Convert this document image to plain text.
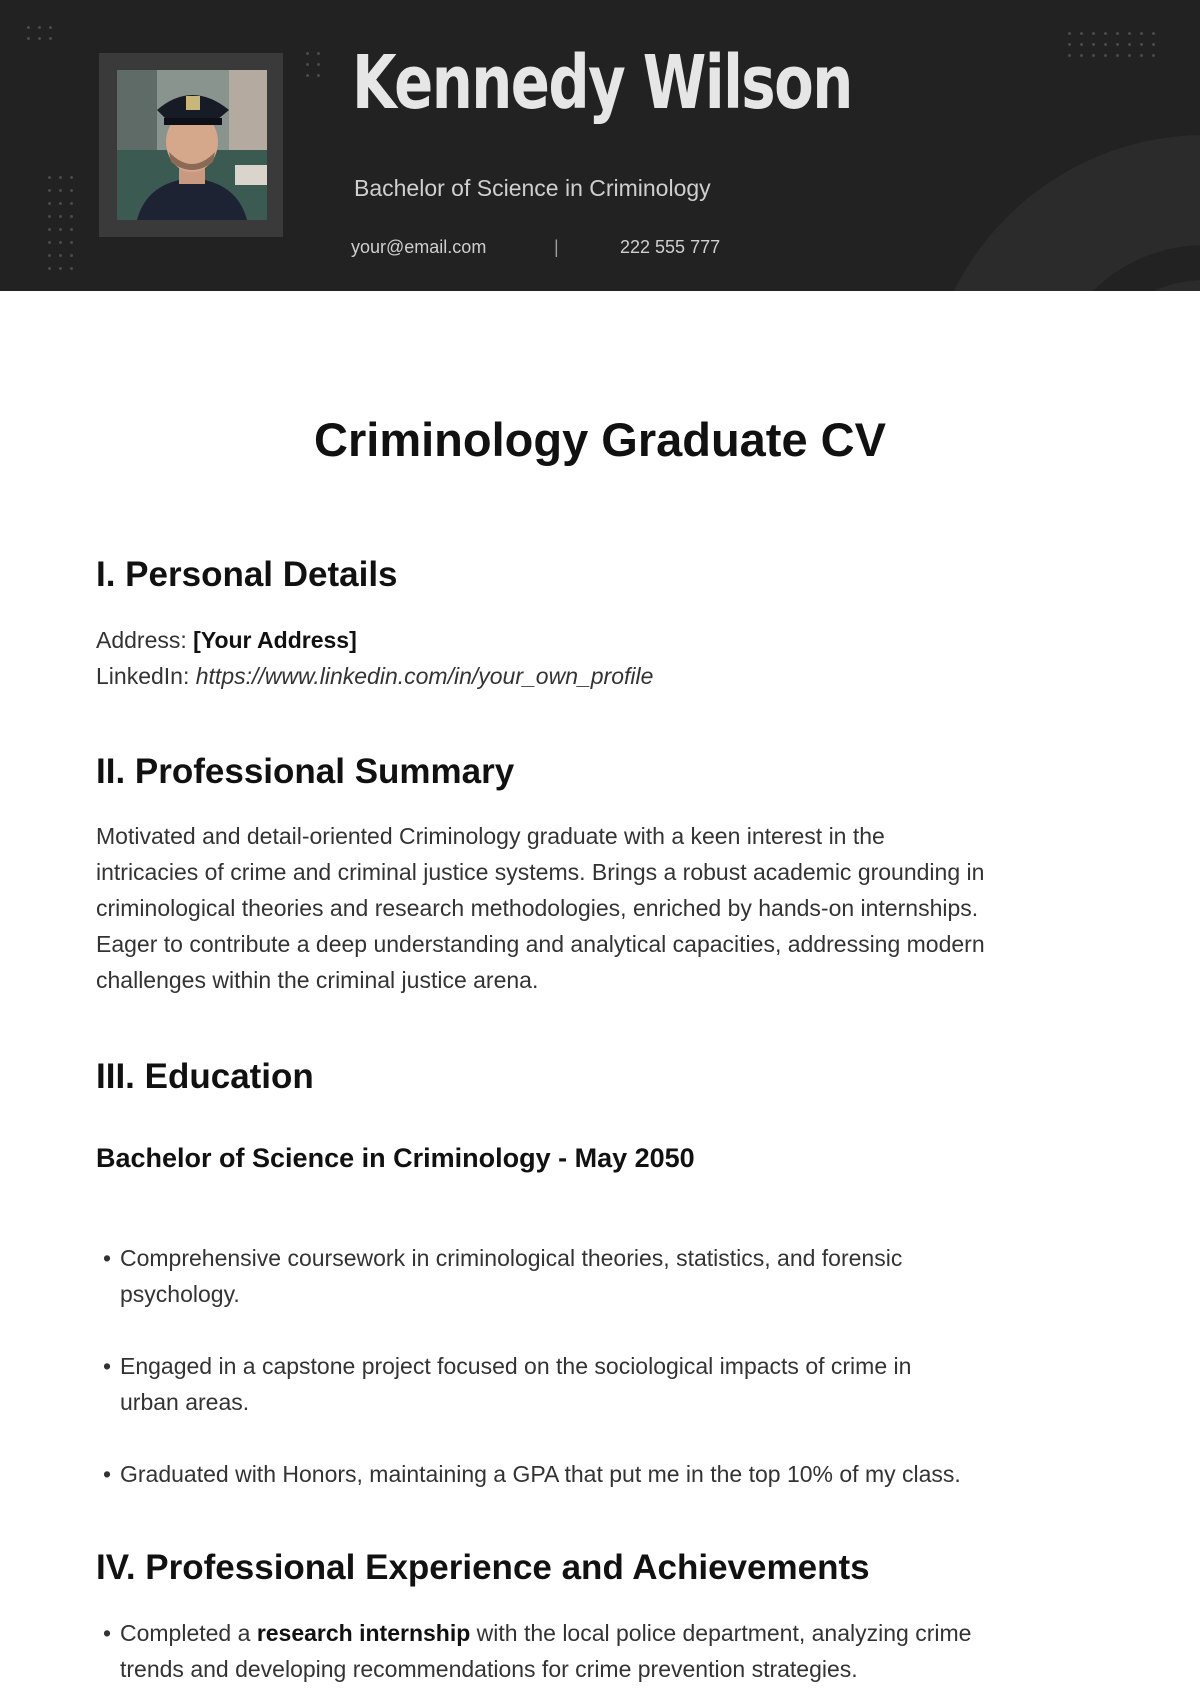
Kennedy Wilson
Bachelor of Science in Criminology
your@email.com	|	222 555 777
Criminology Graduate CV
I. Personal Details

Address: [Your Address]

LinkedIn: https://www.linkedin.com/in/your_own_profile

II. Professional Summary

Motivated and detail-oriented Criminology graduate with a keen interest in the

intricacies of crime and criminal justice systems. Brings a robust academic grounding in

criminological theories and research methodologies, enriched by hands-on internships.

Eager to contribute a deep understanding and analytical capacities, addressing modern

challenges within the criminal justice arena.

III. Education
Bachelor of Science in Criminology - May 2050

• Comprehensive coursework in criminological theories, statistics, and forensic
psychology.

• Engaged in a capstone project focused on the sociological impacts of crime in
urban areas.

• Graduated with Honors, maintaining a GPA that put me in the top 10% of my class.

IV. Professional Experience and Achievements

• Completed a research internship with the local police department, analyzing crime
trends and developing recommendations for crime prevention strategies.
